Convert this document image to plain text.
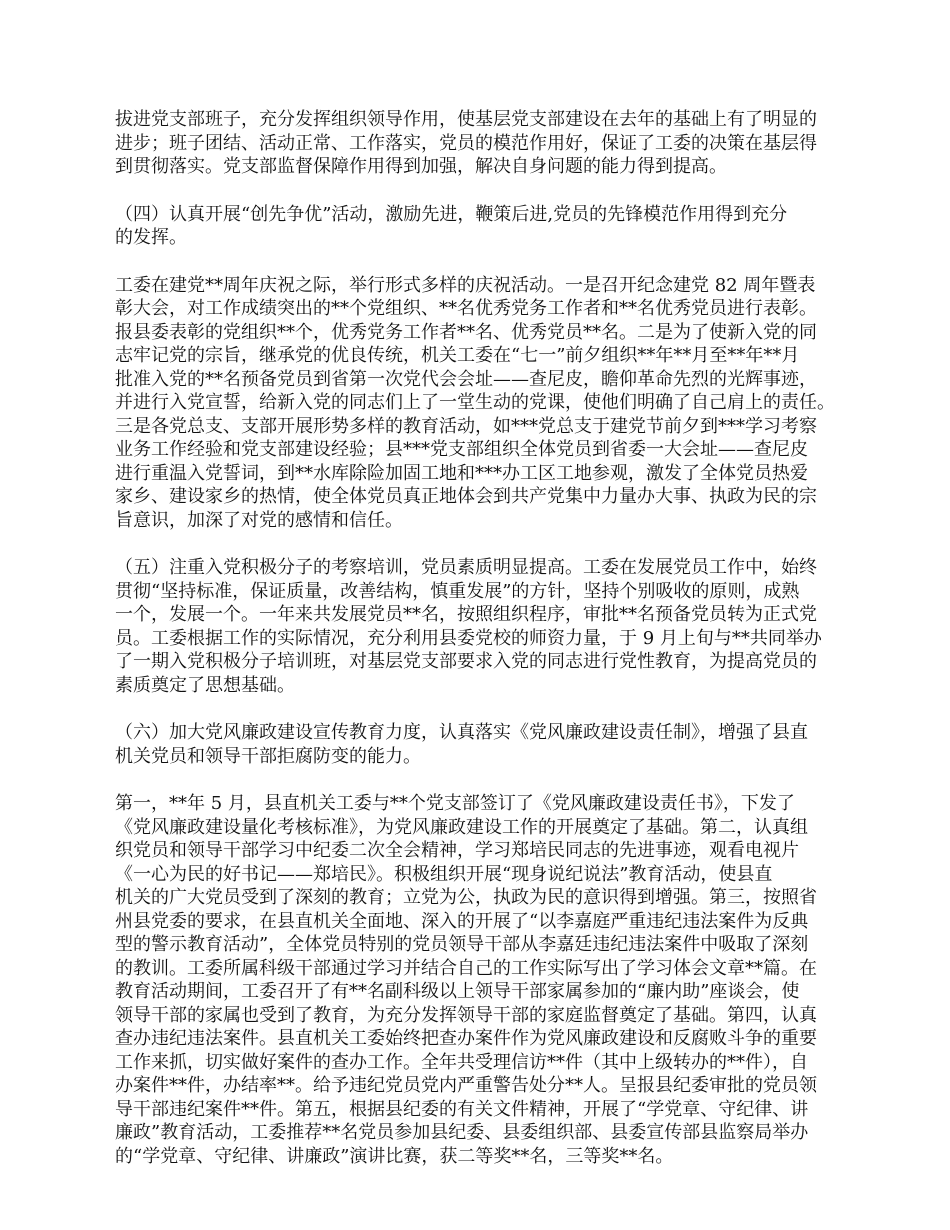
拔进党支部班子，充分发挥组织领导作用，使基层党支部建设在去年的基础上有了明显的
进步；班子团结、活动正常、工作落实，党员的模范作用好，保证了工委的决策在基层得
到贯彻落实。党支部监督保障作用得到加强，解决自身问题的能力得到提高。

（四）认真开展“创先争优”活动，激励先进，鞭策后进,党员的先锋模范作用得到充分
的发挥。

工委在建党**周年庆祝之际，举行形式多样的庆祝活动。一是召开纪念建党 82 周年暨表
彰大会，对工作成绩突出的**个党组织、**名优秀党务工作者和**名优秀党员进行表彰。
报县委表彰的党组织**个，优秀党务工作者**名、优秀党员**名。二是为了使新入党的同
志牢记党的宗旨，继承党的优良传统，机关工委在“七一”前夕组织**年**月至**年**月
批准入党的**名预备党员到省第一次党代会会址——查尼皮，瞻仰革命先烈的光辉事迹，
并进行入党宣誓，给新入党的同志们上了一堂生动的党课，使他们明确了自己肩上的责任。
三是各党总支、支部开展形势多样的教育活动，如***党总支于建党节前夕到***学习考察
业务工作经验和党支部建设经验；县***党支部组织全体党员到省委一大会址——查尼皮
进行重温入党誓词，到**水库除险加固工地和***办工区工地参观，激发了全体党员热爱
家乡、建设家乡的热情，使全体党员真正地体会到共产党集中力量办大事、执政为民的宗
旨意识，加深了对党的感情和信任。

（五）注重入党积极分子的考察培训，党员素质明显提高。工委在发展党员工作中，始终
贯彻“坚持标准，保证质量，改善结构，慎重发展”的方针，坚持个别吸收的原则，成熟
一个，发展一个。一年来共发展党员**名，按照组织程序，审批**名预备党员转为正式党
员。工委根据工作的实际情况，充分利用县委党校的师资力量，于 9 月上旬与**共同举办
了一期入党积极分子培训班，对基层党支部要求入党的同志进行党性教育，为提高党员的
素质奠定了思想基础。

（六）加大党风廉政建设宣传教育力度，认真落实《党风廉政建设责任制》，增强了县直
机关党员和领导干部拒腐防变的能力。

第一，**年 5 月，县直机关工委与**个党支部签订了《党风廉政建设责任书》，下发了
《党风廉政建设量化考核标准》，为党风廉政建设工作的开展奠定了基础。第二，认真组
织党员和领导干部学习中纪委二次全会精神，学习郑培民同志的先进事迹，观看电视片
《一心为民的好书记——郑培民》。积极组织开展“现身说纪说法”教育活动，使县直
机关的广大党员受到了深刻的教育；立党为公，执政为民的意识得到增强。第三，按照省
州县党委的要求，在县直机关全面地、深入的开展了“以李嘉庭严重违纪违法案件为反典
型的警示教育活动”，全体党员特别的党员领导干部从李嘉廷违纪违法案件中吸取了深刻
的教训。工委所属科级干部通过学习并结合自己的工作实际写出了学习体会文章**篇。在
教育活动期间，工委召开了有**名副科级以上领导干部家属参加的“廉内助”座谈会，使
领导干部的家属也受到了教育，为充分发挥领导干部的家庭监督奠定了基础。第四，认真
查办违纪违法案件。县直机关工委始终把查办案件作为党风廉政建设和反腐败斗争的重要
工作来抓，切实做好案件的查办工作。全年共受理信访**件（其中上级转办的**件），自
办案件**件，办结率**。给予违纪党员党内严重警告处分**人。呈报县纪委审批的党员领
导干部违纪案件**件。第五，根据县纪委的有关文件精神，开展了“学党章、守纪律、讲
廉政”教育活动，工委推荐**名党员参加县纪委、县委组织部、县委宣传部县监察局举办
的“学党章、守纪律、讲廉政”演讲比赛，获二等奖**名，三等奖**名。
